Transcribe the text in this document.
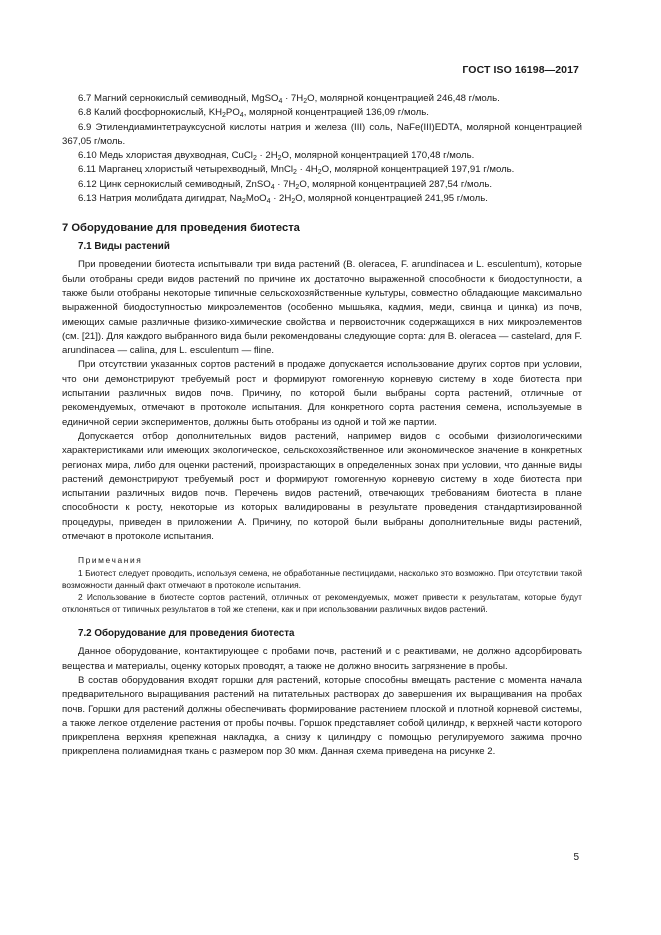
ГОСТ ISO 16198—2017

6.7 Магний сернокислый семиводный, MgSO$_4$ · $7H_2O$, молярной концентрацией 246,48 г/моль.

6.8 Калий фосфорнокислый, $KH_2PO_4$, молярной концентрацией 136,09 г/моль.

6.9 Этилендиаминтетрауксусной кислоты натрия и железа (III) соль, NaFe(III)EDTA, молярной концентрацией 367,05 г/моль.

6.10 Медь хлористая двухводная, CuCl$_2$ · $2H_2O$, молярной концентрацией 170,48 г/моль.

6.11 Марганец хлористый четырехводный, MnCl$_2$ · $4H_2O$, молярной концентрацией 197,91 г/моль.

6.12 Цинк сернокислый семиводный, ZnSO$_4$ · $7H_2O$, молярной концентрацией 287,54 г/моль.

6.13 Натрия молибдата дигидрат, $Na_2MoO_4 \cdot 2H_2O$, молярной концентрацией 241,95 г/моль.

7 Оборудование для проведения биотеста
7.1 Виды растений

При проведении биотеста испытывали три вида растений (B. oleracea, F. arundinacea и L. esculentum), которые были отобраны среди видов растений по причине их достаточно выраженной способности к биодоступности, а также были отобраны некоторые типичные сельскохозяйственные культуры, совместно обладающие максимально выраженной биодоступностью микроэлементов (особенно мышьяка, кадмия, меди, свинца и цинка) из почв, имеющих самые различные физико-химические свойства и первоисточник содержащихся в них микроэлементов (см. [21]). Для каждого выбранного вида были рекомендованы следующие сорта: для B. oleracea — castelard, для F. arundinacea — calina, для L. esculentum — fline.

При отсутствии указанных сортов растений в продаже допускается использование других сортов при условии, что они демонстрируют требуемый рост и формируют гомогенную корневую систему в ходе биотеста при испытании различных видов почв. Причину, по которой были выбраны сорта растений, отличные от рекомендуемых, отмечают в протоколе испытания. Для конкретного сорта растения семена, используемые в единичной серии экспериментов, должны быть отобраны из одной и той же партии.

Допускается отбор дополнительных видов растений, например видов с особыми физиологическими характеристиками или имеющих экологическое, сельскохозяйственное или экономическое значение в конкретных регионах мира, либо для оценки растений, произрастающих в определенных зонах при условии, что данные виды растений демонстрируют требуемый рост и формируют гомогенную корневую систему в ходе биотеста при испытании различных видов почв. Перечень видов растений, отвечающих требованиям биотеста в плане способности к росту, некоторые из которых валидированы в результате проведения стандартизированной процедуры, приведен в приложении А. Причину, по которой были выбраны дополнительные виды растений, отмечают в протоколе испытания.

Примечания

1 Биотест следует проводить, используя семена, не обработанные пестицидами, насколько это возможно. При отсутствии такой возможности данный факт отмечают в протоколе испытания.

2 Использование в биотесте сортов растений, отличных от рекомендуемых, может привести к результатам, которые будут отклоняться от типичных результатов в той же степени, как и при использовании различных видов растений.

7.2 Оборудование для проведения биотеста

Данное оборудование, контактирующее с пробами почв, растений и с реактивами, не должно адсорбировать вещества и материалы, оценку которых проводят, а также не должно вносить загрязнение в пробы.

В состав оборудования входят горшки для растений, которые способны вмещать растение с момента начала предварительного выращивания растений на питательных растворах до завершения их выращивания на пробах почв. Горшки для растений должны обеспечивать формирование растением плоской и плотной корневой системы, а также легкое отделение растения от пробы почвы. Горшок представляет собой цилиндр, к верхней части которого прикреплена верхняя крепежная накладка, а снизу к цилиндру с помощью регулируемого зажима прочно прикреплена полиамидная ткань с размером пор 30 мкм. Данная схема приведена на рисунке 2.

5
